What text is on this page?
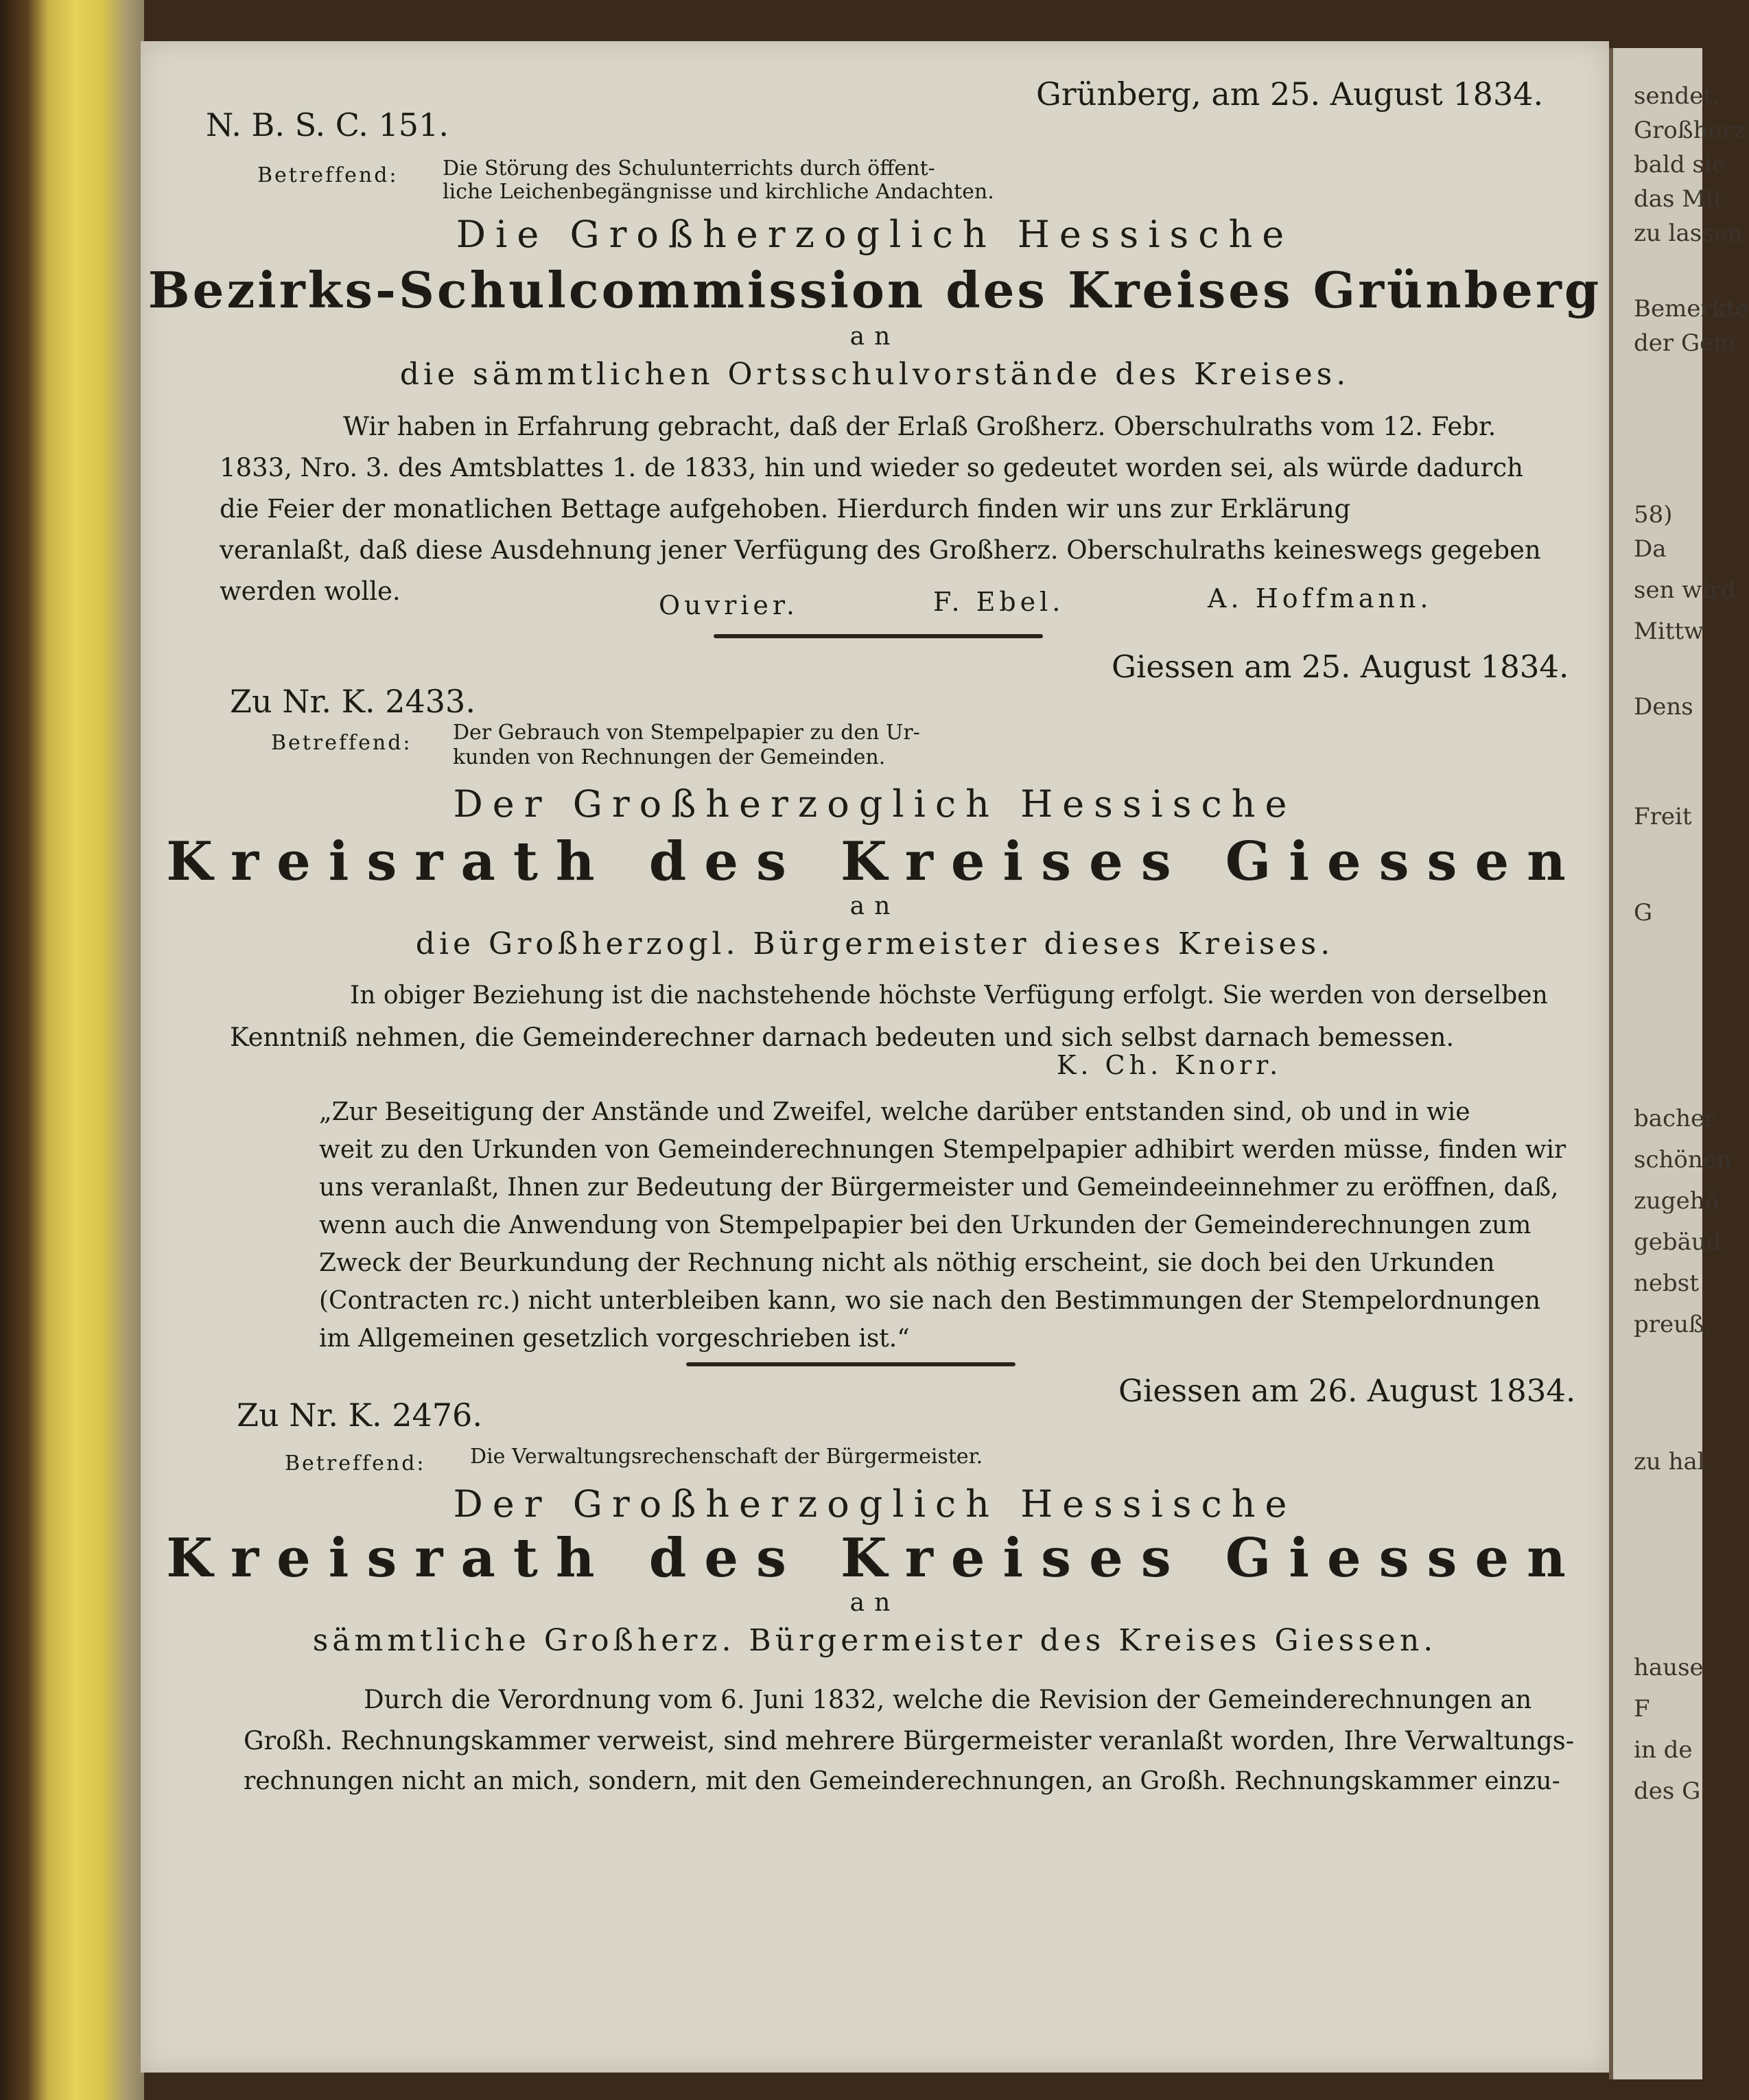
sendet.
Großherz
bald sie
das Mit
zu lassen
Bemerkte
der Gem
58)
Da
sen wird
Mittw
Dens
Freit
G
bacher
schönen
zugehö
gebäud
nebst
preuß.
zu hal
hause
F
in de
des G
N. B. S. C. 151.
Grünberg, am 25. August 1834.
Betreffend: Die Störung des Schulunterrichts durch öffent-
liche Leichenbegängnisse und kirchliche Andachten.
Die Großherzoglich Hessische
Bezirks-Schulcommission des Kreises Grünberg
an
die sämmtlichen Ortsschulvorstände des Kreises.
Wir haben in Erfahrung gebracht, daß der Erlaß Großherz. Oberschulraths vom 12. Febr.
1833, Nro. 3. des Amtsblattes 1. de 1833, hin und wieder so gedeutet worden sei, als würde dadurch
die Feier der monatlichen Bettage aufgehoben. Hierdurch finden wir uns zur Erklärung
veranlaßt, daß diese Ausdehnung jener Verfügung des Großherz. Oberschulraths keineswegs gegeben
werden wolle.	Ouvrier.	F. Ebel.	A. Hoffmann.
Giessen am 25. August 1834.
Zu Nr. K. 2433.
Betreffend: Der Gebrauch von Stempelpapier zu den Ur-
kunden von Rechnungen der Gemeinden.
Der Großherzoglich Hessische
Kreisrath des Kreises Giessen
an
die Großherzogl. Bürgermeister dieses Kreises.
In obiger Beziehung ist die nachstehende höchste Verfügung erfolgt. Sie werden von derselben
Kenntniß nehmen, die Gemeinderechner darnach bedeuten und sich selbst darnach bemessen.
K. Ch. Knorr.
„Zur Beseitigung der Anstände und Zweifel, welche darüber entstanden sind, ob und in wie
weit zu den Urkunden von Gemeinderechnungen Stempelpapier adhibirt werden müsse, finden wir
uns veranlaßt, Ihnen zur Bedeutung der Bürgermeister und Gemeindeeinnehmer zu eröffnen, daß,
wenn auch die Anwendung von Stempelpapier bei den Urkunden der Gemeinderechnungen zum
Zweck der Beurkundung der Rechnung nicht als nöthig erscheint, sie doch bei den Urkunden
(Contracten rc.) nicht unterbleiben kann, wo sie nach den Bestimmungen der Stempelordnungen
im Allgemeinen gesetzlich vorgeschrieben ist.“
Giessen am 26. August 1834.
Zu Nr. K. 2476.
Betreffend: Die Verwaltungsrechenschaft der Bürgermeister.
Der Großherzoglich Hessische
Kreisrath des Kreises Giessen
an
sämmtliche Großherz. Bürgermeister des Kreises Giessen.
Durch die Verordnung vom 6. Juni 1832, welche die Revision der Gemeinderechnungen an
Großh. Rechnungskammer verweist, sind mehrere Bürgermeister veranlaßt worden, Ihre Verwaltungs-
rechnungen nicht an mich, sondern, mit den Gemeinderechnungen, an Großh. Rechnungskammer einzu-
